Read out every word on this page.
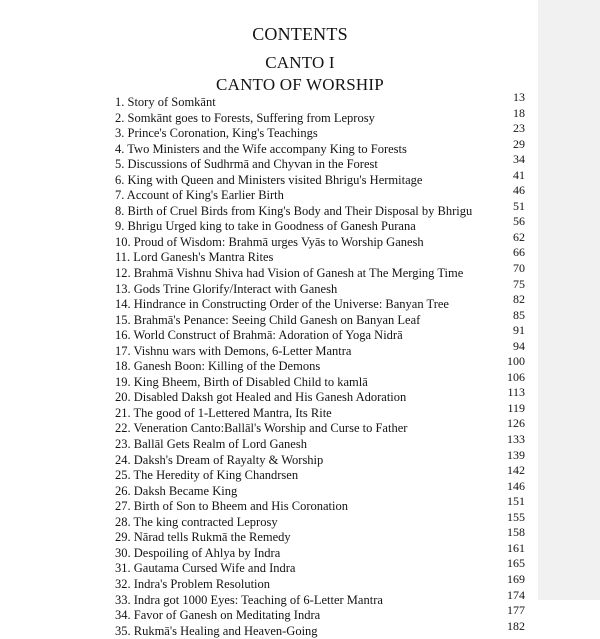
CONTENTS
CANTO I
CANTO OF WORSHIP
1. Story of Somkānt	13
2. Somkānt goes to Forests, Suffering from Leprosy	18
3. Prince's Coronation, King's Teachings	23
4. Two Ministers and the Wife accompany King to Forests	29
5. Discussions of Sudhrmā and Chyvan in the Forest	34
6. King with Queen and Ministers visited Bhrigu's Hermitage	41
7. Account of King's Earlier Birth	46
8. Birth of Cruel Birds from King's Body and Their Disposal by Bhrigu	51
9. Bhrigu Urged king to take in Goodness of Ganesh Purana	56
10. Proud of Wisdom: Brahmā urges Vyās to Worship Ganesh	62
11. Lord Ganesh's Mantra Rites	66
12. Brahmā Vishnu Shiva had Vision of Ganesh at The Merging Time	70
13. Gods Trine Glorify/Interact with Ganesh	75
14. Hindrance in Constructing Order of the Universe: Banyan Tree	82
15. Brahmā's Penance: Seeing Child Ganesh on Banyan Leaf	85
16. World Construct of Brahmā: Adoration of Yoga Nidrā	91
17. Vishnu wars with Demons, 6-Letter Mantra	94
18. Ganesh Boon: Killing of the Demons	100
19. King Bheem, Birth of Disabled Child to kamlā	106
20. Disabled Daksh got Healed and His Ganesh Adoration	113
21. The good of 1-Lettered Mantra, Its Rite	119
22. Veneration Canto:Ballāl's Worship and Curse to Father	126
23. Ballāl Gets Realm of Lord Ganesh	133
24. Daksh's Dream of Rayalty & Worship	139
25. The Heredity of King Chandrsen	142
26. Daksh Became King	146
27. Birth of Son to Bheem and His Coronation	151
28. The king contracted Leprosy	155
29. Nārad tells Rukmā the Remedy	158
30. Despoiling of Ahlya by Indra	161
31. Gautama Cursed Wife and Indra	165
32. Indra's Problem Resolution	169
33. Indra got 1000 Eyes: Teaching of 6-Letter Mantra	174
34. Favor of Ganesh on Meditating Indra	177
35. Rukmā's Healing and Heaven-Going	182
